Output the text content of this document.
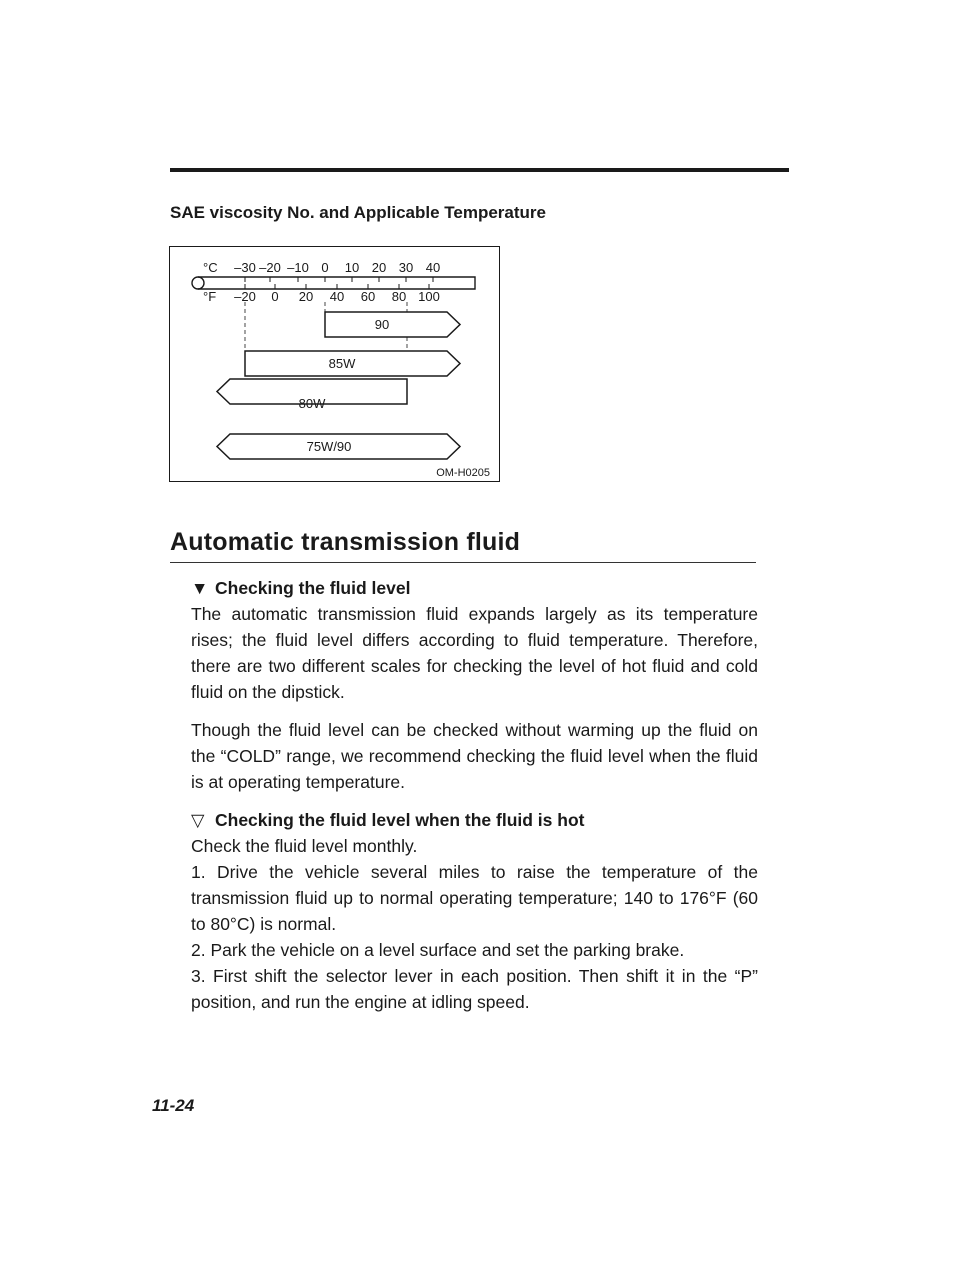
SAE viscosity No. and Applicable Temperature
°C
°F
–30 –20 –10 0 10 20 30 40
–20 0 20 40 60 80 100
90
85W
80W
75W/90
OM-H0205
Automatic transmission fluid

▼ Checking the fluid level

The automatic transmission fluid expands largely as its temperature rises; the fluid level differs according to fluid temperature. Therefore, there are two different scales for checking the level of hot fluid and cold fluid on the dipstick.

Though the fluid level can be checked without warming up the fluid on the “COLD” range, we recommend checking the fluid level when the fluid is at operating temperature.

▽ Checking the fluid level when the fluid is hot

Check the fluid level monthly.

1. Drive the vehicle several miles to raise the temperature of the transmission fluid up to normal operating temperature; 140 to 176°F (60 to 80°C) is normal.

2. Park the vehicle on a level surface and set the parking brake.

3. First shift the selector lever in each position. Then shift it in the “P” position, and run the engine at idling speed.

11-24
